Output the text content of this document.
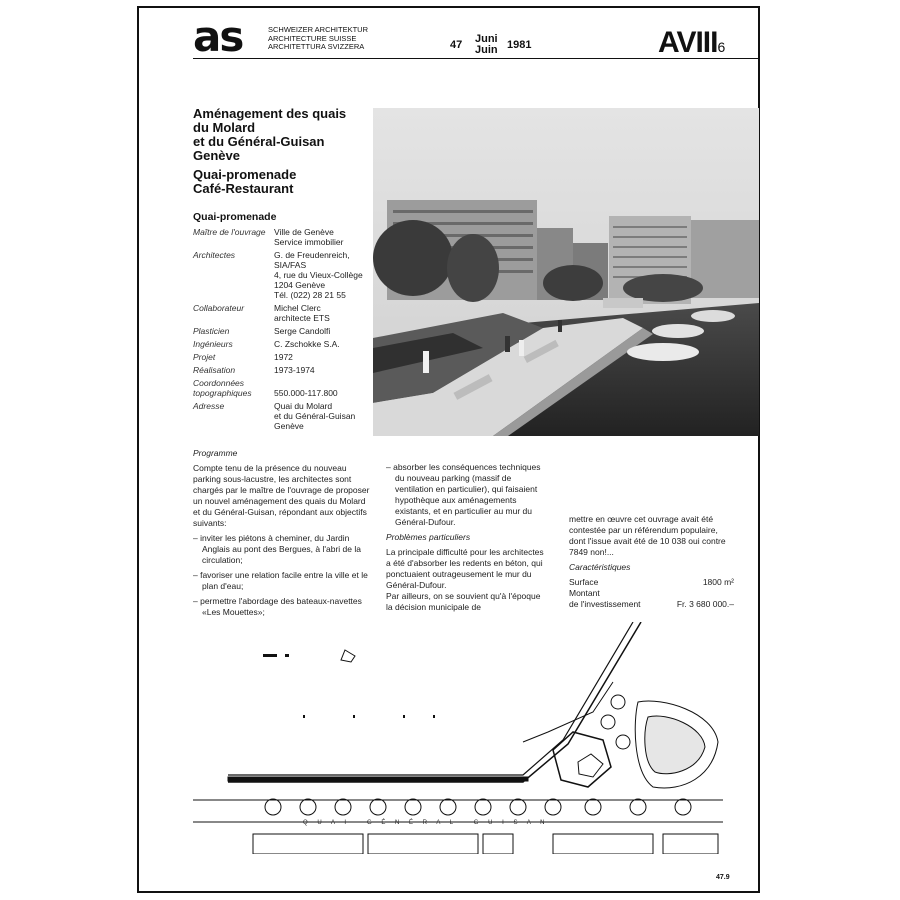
as	SCHWEIZER ARCHITEKTUR
ARCHITECTURE SUISSE
ARCHITETTURA SVIZZERA	47 Juni
Juin 1981	AVIII6
Aménagement des quais
du Molard
et du Général-Guisan
Genève
Quai-promenade
Café-Restaurant
Quai-promenade
Maître de l'ouvrage	Ville de Genève
Service immobilier
Architectes	G. de Freudenreich,
SIA/FAS
4, rue du Vieux-Collège
1204 Genève
Tél. (022) 28 21 55
Collaborateur	Michel Clerc
architecte ETS
Plasticien	Serge Candolfi
Ingénieurs	C. Zschokke S.A.
Projet	1972
Réalisation	1973-1974
Coordonnées topographiques	550.000-117.800
Adresse	Quai du Molard
et du Général-Guisan
Genève

Programme

Compte tenu de la présence du nouveau parking sous-lacustre, les architectes sont chargés par le maître de l'ouvrage de proposer un nouvel aménagement des quais du Molard et du Général-Guisan, répondant aux objectifs suivants:

– inviter les piétons à cheminer, du Jardin Anglais au pont des Bergues, à l'abri de la circulation;

– favoriser une relation facile entre la ville et le plan d'eau;

– permettre l'abordage des bateaux-navettes «Les Mouettes»;

– absorber les conséquences techniques du nouveau parking (massif de ventilation en particulier), qui faisaient hypothèque aux aménagements existants, et en particulier au mur du Général-Dufour.

Problèmes particuliers

La principale difficulté pour les architectes a été d'absorber les redents en béton, qui ponctuaient outrageusement le mur du Général-Dufour.
Par ailleurs, on se souvient qu'à l'époque la décision municipale de

mettre en œuvre cet ouvrage avait été contestée par un référendum populaire, dont l'issue avait été de 10 038 oui contre 7849 non!...

Caractéristiques

Surface	1800 m²
Montant
de l'investissement	Fr. 3 680 000.–
Q U A I   G É N É R A L   G U I S A N
47.9
